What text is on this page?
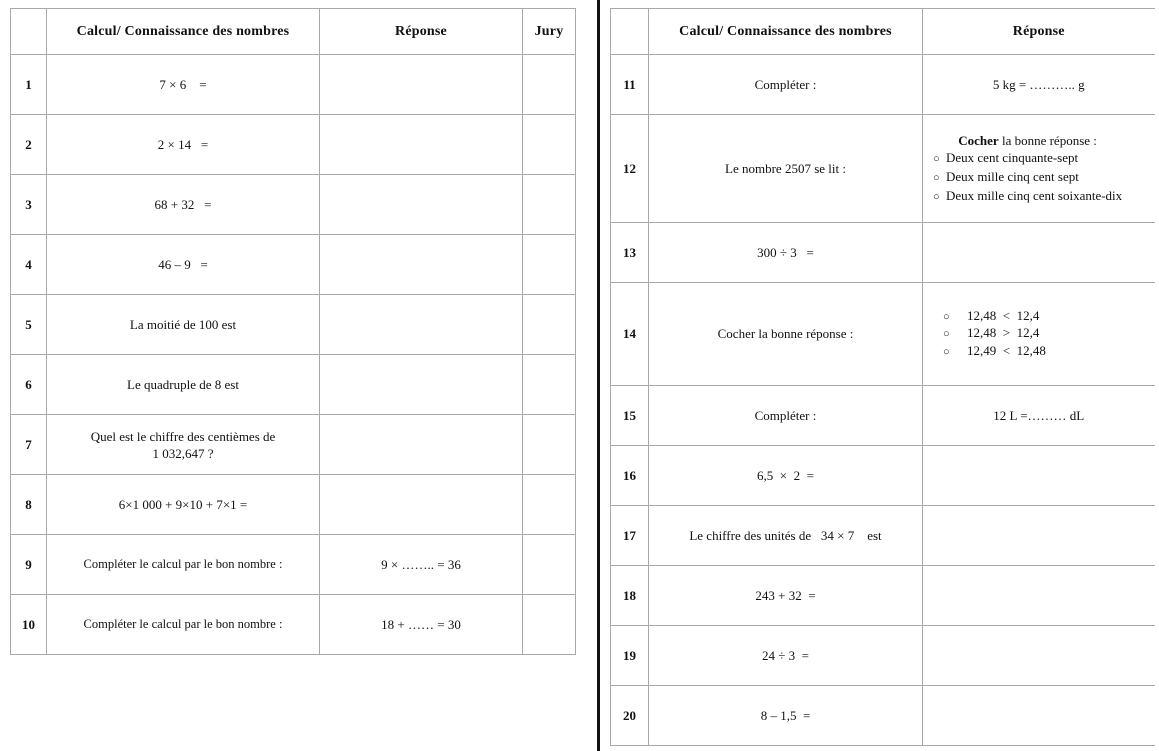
	Calcul/ Connaissance des nombres	Réponse	Jury
1	7 × 6    =		
2	2 × 14   =		
3	68 + 32   =		
4	46 – 9   =		
5	La moitié de 100 est		
6	Le quadruple de 8 est		
7	Quel est le chiffre des centièmes de
1 032,647 ?		
8	6×1 000 + 9×10 + 7×1 =		
9	Compléter le calcul par le bon nombre :	9 × …….. = 36	
10	Compléter le calcul par le bon nombre :	18 + …… = 30	
	Calcul/ Connaissance des nombres	Réponse
11	Compléter :	5 kg = ……….. g
12	Le nombre 2507 se lit :	Cocher la bonne réponse :
○ Deux cent cinquante-sept
○ Deux mille cinq cent sept
○ Deux mille cinq cent soixante-dix

13	300 ÷ 3   =	
14	Cocher la bonne réponse :	○ 12,48  <  12,4
○ 12,48  >  12,4
○ 12,49  <  12,48

15	Compléter :	12 L =……… dL
16	6,5  ×  2  =	
17	Le chiffre des unités de   34 × 7    est	
18	243 + 32  =	
19	24 ÷ 3  =	
20	8 – 1,5  =	
